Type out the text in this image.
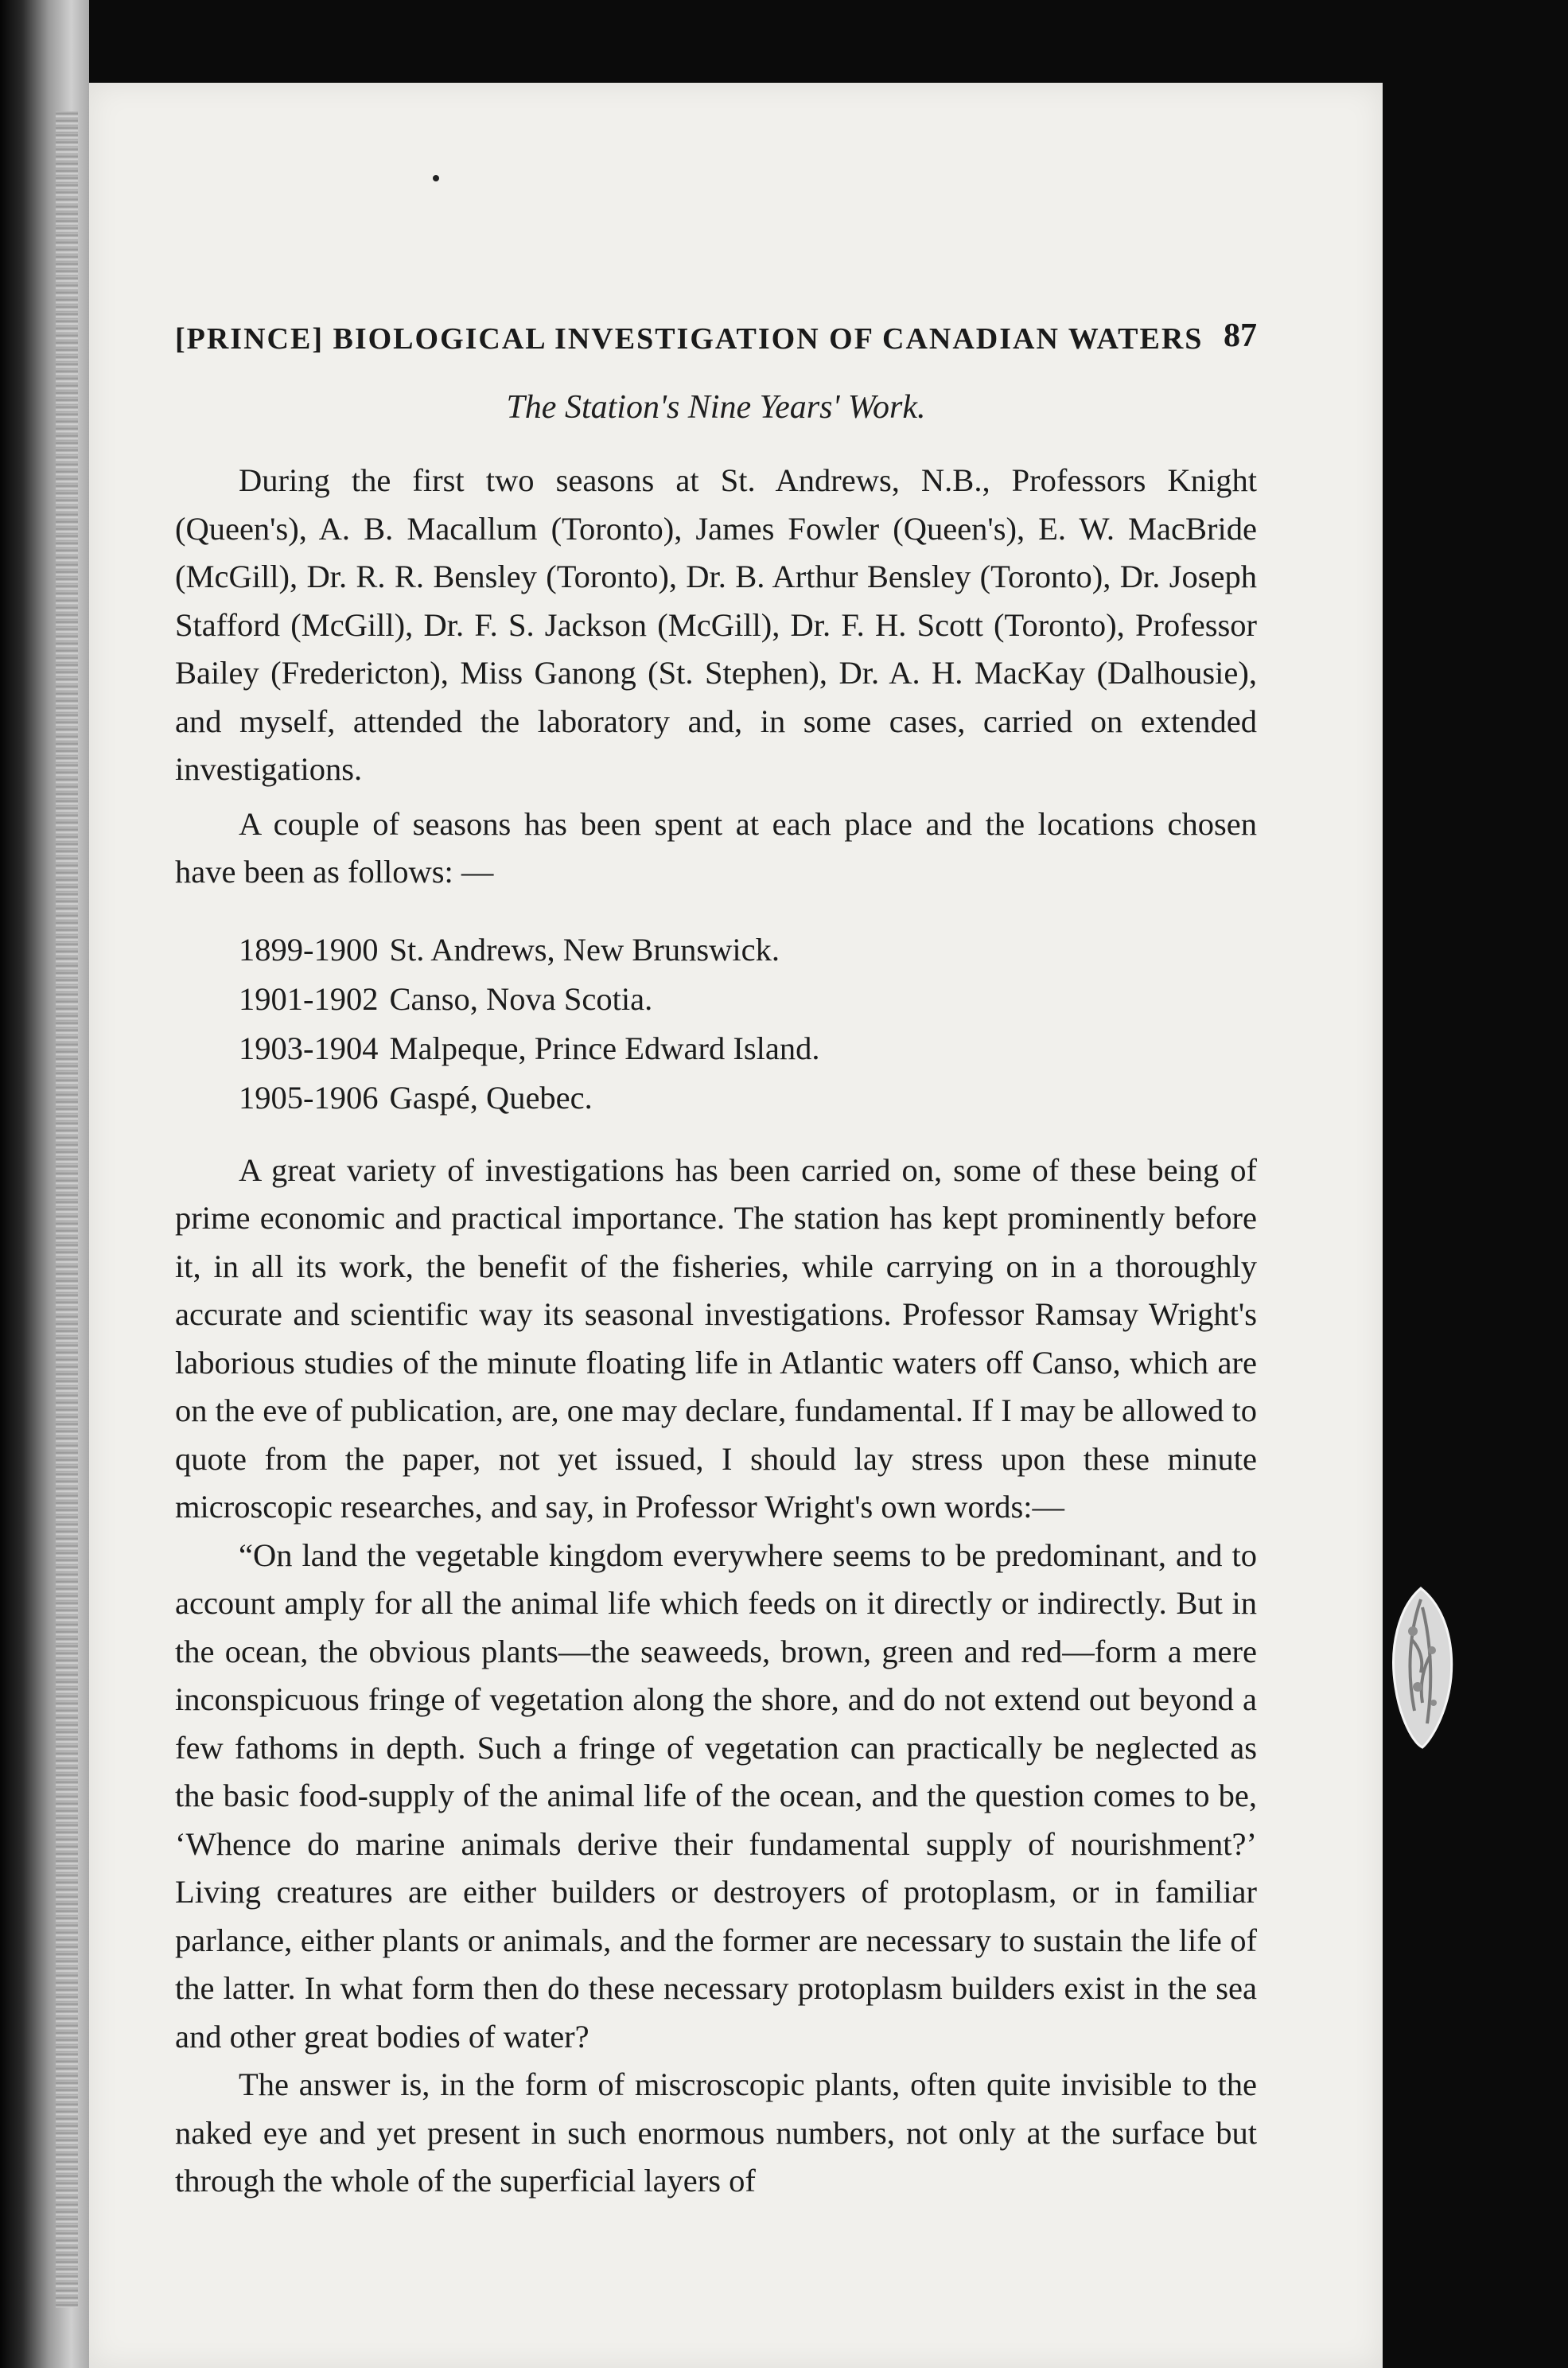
[PRINCE] BIOLOGICAL INVESTIGATION OF CANADIAN WATERS 87
The Station's Nine Years' Work.

During the first two seasons at St. Andrews, N.B., Professors Knight (Queen's), A. B. Macallum (Toronto), James Fowler (Queen's), E. W. MacBride (McGill), Dr. R. R. Bensley (Toronto), Dr. B. Arthur Bensley (Toronto), Dr. Joseph Stafford (McGill), Dr. F. S. Jackson (McGill), Dr. F. H. Scott (Toronto), Professor Bailey (Fredericton), Miss Ganong (St. Stephen), Dr. A. H. MacKay (Dalhousie), and myself, attended the laboratory and, in some cases, carried on extended investigations.

A couple of seasons has been spent at each place and the locations chosen have been as follows: —

1899-1900 St. Andrews, New Brunswick.
1901-1902 Canso, Nova Scotia.
1903-1904 Malpeque, Prince Edward Island.
1905-1906 Gaspé, Quebec.

A great variety of investigations has been carried on, some of these being of prime economic and practical importance. The station has kept prominently before it, in all its work, the benefit of the fisheries, while carrying on in a thoroughly accurate and scientific way its seasonal investigations. Professor Ramsay Wright's laborious studies of the minute floating life in Atlantic waters off Canso, which are on the eve of publication, are, one may declare, fundamental. If I may be allowed to quote from the paper, not yet issued, I should lay stress upon these minute microscopic researches, and say, in Professor Wright's own words:—

“On land the vegetable kingdom everywhere seems to be predominant, and to account amply for all the animal life which feeds on it directly or indirectly. But in the ocean, the obvious plants—the seaweeds, brown, green and red—form a mere inconspicuous fringe of vegetation along the shore, and do not extend out beyond a few fathoms in depth. Such a fringe of vegetation can practically be neglected as the basic food-supply of the animal life of the ocean, and the question comes to be, ‘Whence do marine animals derive their fundamental supply of nourishment?’ Living creatures are either builders or destroyers of protoplasm, or in familiar parlance, either plants or animals, and the former are necessary to sustain the life of the latter. In what form then do these necessary protoplasm builders exist in the sea and other great bodies of water?

The answer is, in the form of miscroscopic plants, often quite invisible to the naked eye and yet present in such enormous numbers, not only at the surface but through the whole of the superficial layers of
